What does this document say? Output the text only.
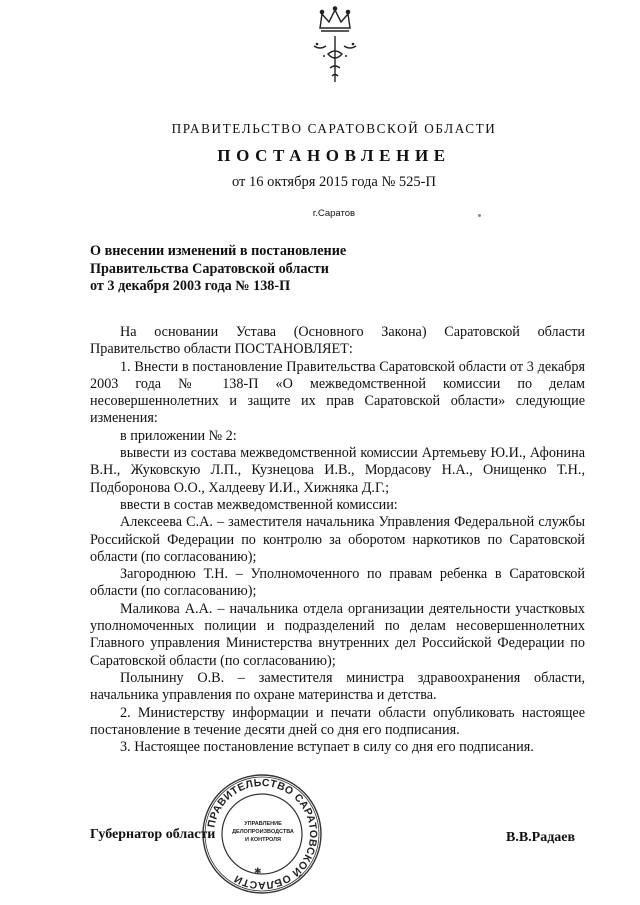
ПРАВИТЕЛЬСТВО САРАТОВСКОЙ ОБЛАСТИ
ПОСТАНОВЛЕНИЕ
от 16 октября 2015 года № 525-П
г.Саратов
О внесении изменений в постановление
Правительства Саратовской области
от 3 декабря 2003 года № 138-П

На основании Устава (Основного Закона) Саратовской области Правительство области ПОСТАНОВЛЯЕТ:

1. Внести в постановление Правительства Саратовской области от 3 декабря 2003 года № 138-П «О межведомственной комиссии по делам несовершеннолетних и защите их прав Саратовской области» следующие изменения:

в приложении № 2:

вывести из состава межведомственной комиссии Артемьеву Ю.И., Афонина В.Н., Жуковскую Л.П., Кузнецова И.В., Мордасову Н.А., Онищенко Т.Н., Подборонова О.О., Халдееву И.И., Хижняка Д.Г.;

ввести в состав межведомственной комиссии:

Алексеева С.А. – заместителя начальника Управления Федеральной службы Российской Федерации по контролю за оборотом наркотиков по Саратовской области (по согласованию);

Загороднюю Т.Н. – Уполномоченного по правам ребенка в Саратовской области (по согласованию);

Маликова А.А. – начальника отдела организации деятельности участковых уполномоченных полиции и подразделений по делам несовершеннолетних Главного управления Министерства внутренних дел Российской Федерации по Саратовской области (по согласованию);

Полынину О.В. – заместителя министра здравоохранения области, начальника управления по охране материнства и детства.

2. Министерству информации и печати области опубликовать настоящее постановление в течение десяти дней со дня его подписания.

3. Настоящее постановление вступает в силу со дня его подписания.

ПРАВИТЕЛЬСТВО САРАТОВСКОЙ ОБЛАСТИ
УПРАВЛЕНИЕ
ДЕЛОПРОИЗВОДСТВА
И КОНТРОЛЯ
✱
Губернатор области	В.В.Радаев
